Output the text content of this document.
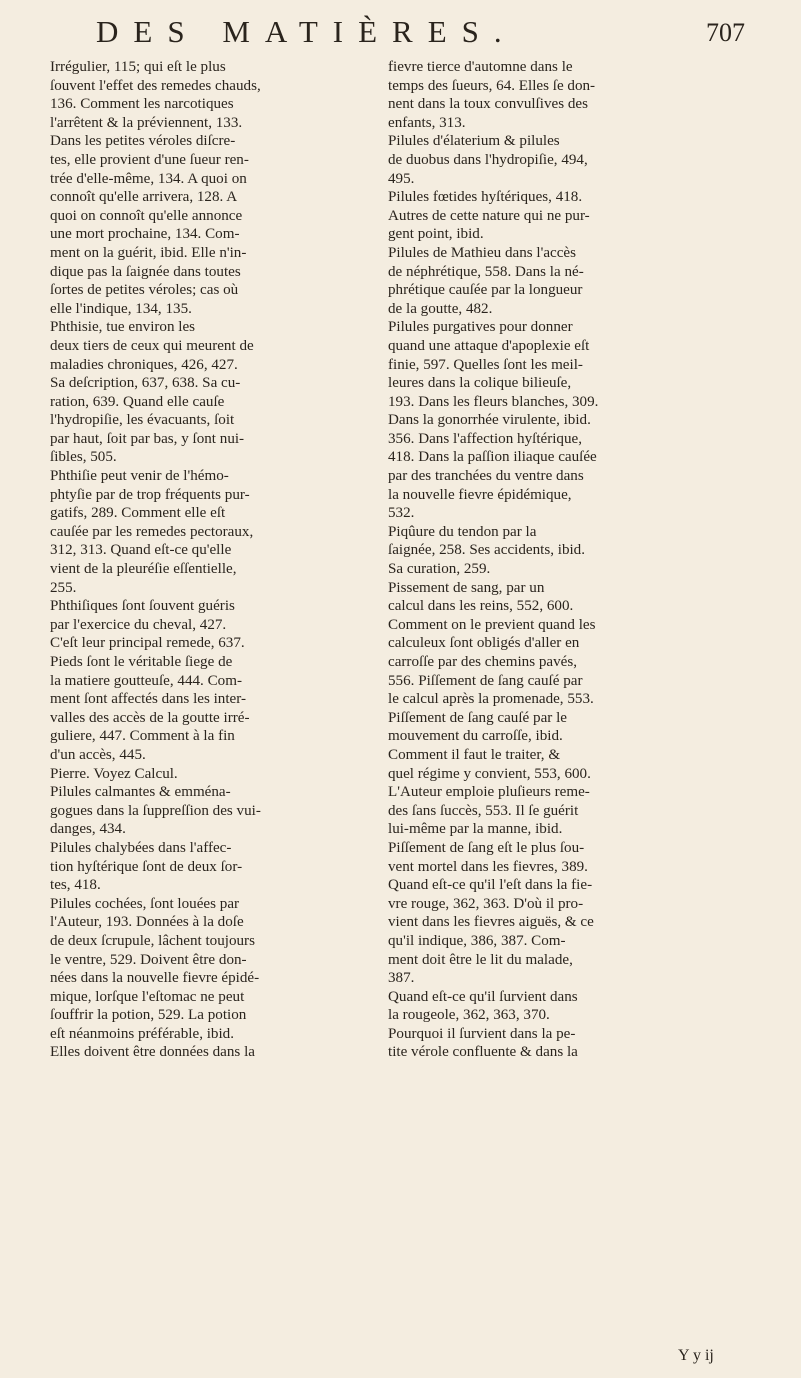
DES MATIÈRES.	707
Irrégulier, 115; qui eſt le plus
ſouvent l'effet des remedes chauds,
136. Comment les narcotiques
l'arrêtent & la préviennent, 133.
Dans les petites véroles diſcre-
tes, elle provient d'une ſueur ren-
trée d'elle-même, 134. A quoi on
connoît qu'elle arrivera, 128. A
quoi on connoît qu'elle annonce
une mort prochaine, 134. Com-
ment on la guérit, ibid. Elle n'in-
dique pas la ſaignée dans toutes
ſortes de petites véroles; cas où
elle l'indique, 134, 135.
Phthisie, tue environ les
deux tiers de ceux qui meurent de
maladies chroniques, 426, 427.
Sa deſcription, 637, 638. Sa cu-
ration, 639. Quand elle cauſe
l'hydropiſie, les évacuants, ſoit
par haut, ſoit par bas, y ſont nui-
ſibles, 505.
Phthiſie peut venir de l'hémo-
phtyſie par de trop fréquents pur-
gatifs, 289. Comment elle eſt
cauſée par les remedes pectoraux,
312, 313. Quand eſt-ce qu'elle
vient de la pleuréſie eſſentielle,
255.
Phthiſiques ſont ſouvent guéris
par l'exercice du cheval, 427.
C'eſt leur principal remede, 637.
Pieds ſont le véritable ſiege de
la matiere goutteuſe, 444. Com-
ment ſont affectés dans les inter-
valles des accès de la goutte irré-
guliere, 447. Comment à la fin
d'un accès, 445.
Pierre. Voyez Calcul.
Pilules calmantes & emména-
gogues dans la ſuppreſſion des vui-
danges, 434.
Pilules chalybées dans l'affec-
tion hyſtérique ſont de deux ſor-
tes, 418.
Pilules cochées, ſont louées par
l'Auteur, 193. Données à la doſe
de deux ſcrupule, lâchent toujours
le ventre, 529. Doivent être don-
nées dans la nouvelle fievre épidé-
mique, lorſque l'eſtomac ne peut
ſouffrir la potion, 529. La potion
eſt néanmoins préférable, ibid.
Elles doivent être données dans la
fievre tierce d'automne dans le
temps des ſueurs, 64. Elles ſe don-
nent dans la toux convulſives des
enfants, 313.
Pilules d'élaterium & pilules
de duobus dans l'hydropiſie, 494,
495.
Pilules fœtides hyſtériques, 418.
Autres de cette nature qui ne pur-
gent point, ibid.
Pilules de Mathieu dans l'accès
de néphrétique, 558. Dans la né-
phrétique cauſée par la longueur
de la goutte, 482.
Pilules purgatives pour donner
quand une attaque d'apoplexie eſt
finie, 597. Quelles ſont les meil-
leures dans la colique bilieuſe,
193. Dans les fleurs blanches, 309.
Dans la gonorrhée virulente, ibid.
356. Dans l'affection hyſtérique,
418. Dans la paſſion iliaque cauſée
par des tranchées du ventre dans
la nouvelle fievre épidémique,
532.
Piqûure du tendon par la
ſaignée, 258. Ses accidents, ibid.
Sa curation, 259.
Pissement de sang, par un
calcul dans les reins, 552, 600.
Comment on le previent quand les
calculeux ſont obligés d'aller en
carroſſe par des chemins pavés,
556. Piſſement de ſang cauſé par
le calcul après la promenade, 553.
Piſſement de ſang cauſé par le
mouvement du carroſſe, ibid.
Comment il faut le traiter, &
quel régime y convient, 553, 600.
L'Auteur emploie pluſieurs reme-
des ſans ſuccès, 553. Il ſe guérit
lui-même par la manne, ibid.
Piſſement de ſang eſt le plus ſou-
vent mortel dans les fievres, 389.
Quand eſt-ce qu'il l'eſt dans la fie-
vre rouge, 362, 363. D'où il pro-
vient dans les fievres aiguës, & ce
qu'il indique, 386, 387. Com-
ment doit être le lit du malade,
387.
Quand eſt-ce qu'il ſurvient dans
la rougeole, 362, 363, 370.
Pourquoi il ſurvient dans la pe-
tite vérole confluente & dans la
Y y ij
